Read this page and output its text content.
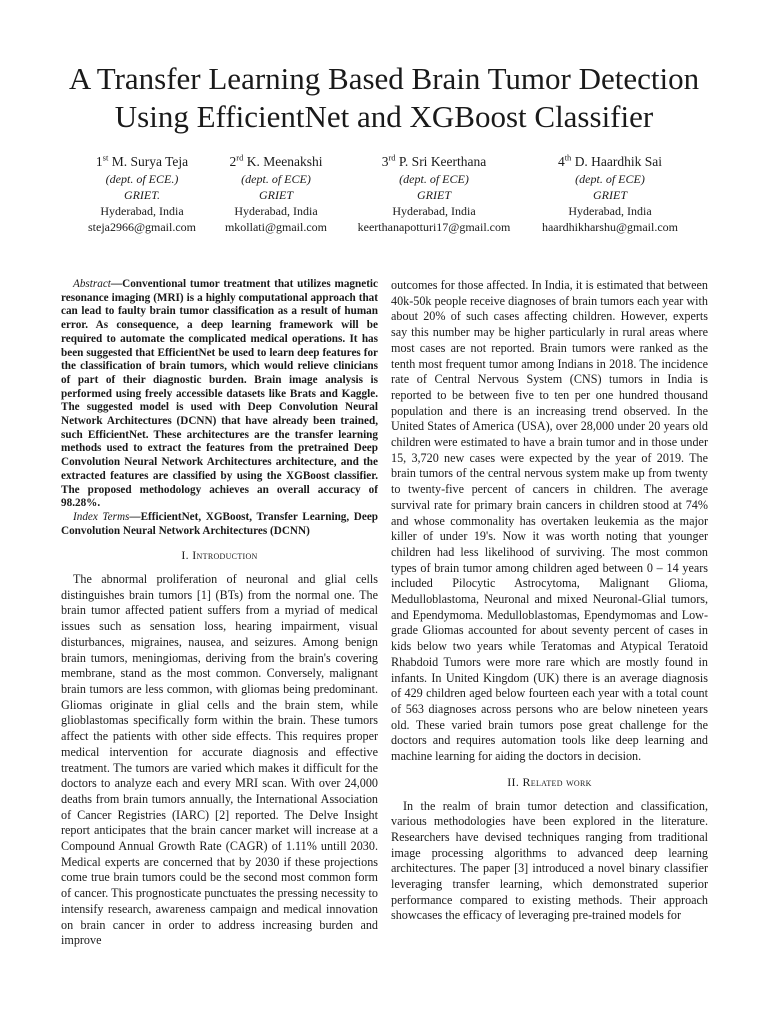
A Transfer Learning Based Brain Tumor Detection Using EfficientNet and XGBoost Classifier
1st M. Surya Teja
(dept. of ECE.)
GRIET.
Hyderabad, India
steja2966@gmail.com
2rd K. Meenakshi
(dept. of ECE)
GRIET
Hyderabad, India
mkollati@gmail.com
3rd P. Sri Keerthana
(dept. of ECE)
GRIET
Hyderabad, India
keerthanapotturi17@gmail.com
4th D. Haardhik Sai
(dept. of ECE)
GRIET
Hyderabad, India
haardhikharshu@gmail.com

Abstract—Conventional tumor treatment that utilizes magnetic resonance imaging (MRI) is a highly computational approach that can lead to faulty brain tumor classification as a result of human error. As consequence, a deep learning framework will be required to automate the complicated medical operations. It has been suggested that EfficientNet be used to learn deep features for the classification of brain tumors, which would relieve clinicians of part of their diagnostic burden. Brain image analysis is performed using freely accessible datasets like Brats and Kaggle. The suggested model is used with Deep Convolution Neural Network Architectures (DCNN) that have already been trained, such EfficientNet. These architectures are the transfer learning methods used to extract the features from the pretrained Deep Convolution Neural Network Architectures architecture, and the extracted features are classified by using the XGBoost classifier. The proposed methodology achieves an overall accuracy of 98.28%.

Index Terms—EfficientNet, XGBoost, Transfer Learning, Deep Convolution Neural Network Architectures (DCNN)

I. Introduction

The abnormal proliferation of neuronal and glial cells distinguishes brain tumors [1] (BTs) from the normal one. The brain tumor affected patient suffers from a myriad of medical issues such as sensation loss, hearing impairment, visual disturbances, migraines, nausea, and seizures. Among benign brain tumors, meningiomas, deriving from the brain's covering membrane, stand as the most common. Conversely, malignant brain tumors are less common, with gliomas being predominant. Gliomas originate in glial cells and the brain stem, while glioblastomas specifically form within the brain. These tumors affect the patients with other side effects. This requires proper medical intervention for accurate diagnosis and effective treatment. The tumors are varied which makes it difficult for the doctors to analyze each and every MRI scan. With over 24,000 deaths from brain tumors annually, the International Association of Cancer Registries (IARC) [2] reported. The Delve Insight report anticipates that the brain cancer market will increase at a Compound Annual Growth Rate (CAGR) of 1.11% untill 2030. Medical experts are concerned that by 2030 if these projections come true brain tumors could be the second most common form of cancer. This prognosticate punctuates the pressing necessity to intensify research, awareness campaign and medical innovation on brain cancer in order to address increasing burden and improve

outcomes for those affected. In India, it is estimated that between 40k-50k people receive diagnoses of brain tumors each year with about 20% of such cases affecting children. However, experts say this number may be higher particularly in rural areas where most cases are not reported. Brain tumors were ranked as the tenth most frequent tumor among Indians in 2018. The incidence rate of Central Nervous System (CNS) tumors in India is reported to be between five to ten per one hundred thousand population and there is an increasing trend observed. In the United States of America (USA), over 28,000 under 20 years old children were estimated to have a brain tumor and in those under 15, 3,720 new cases were expected by the year of 2019. The brain tumors of the central nervous system make up from twenty to twenty-five percent of cancers in children. The average survival rate for primary brain cancers in children stood at 74% and whose commonality has overtaken leukemia as the major killer of under 19's. Now it was worth noting that younger children had less likelihood of surviving. The most common types of brain tumor among children aged between 0 – 14 years included Pilocytic Astrocytoma, Malignant Glioma, Medulloblastoma, Neuronal and mixed Neuronal-Glial tumors, and Ependymoma. Medulloblastomas, Ependymomas and Low-grade Gliomas accounted for about seventy percent of cases in kids below two years while Teratomas and Atypical Teratoid Rhabdoid Tumors were more rare which are mostly found in infants. In United Kingdom (UK) there is an average diagnosis of 429 children aged below fourteen each year with a total count of 563 diagnoses across persons who are below nineteen years old. These varied brain tumors pose great challenge for the doctors and requires automation tools like deep learning and machine learning for aiding the doctors in decision.

II. Related work

In the realm of brain tumor detection and classification, various methodologies have been explored in the literature. Researchers have devised techniques ranging from traditional image processing algorithms to advanced deep learning architectures. The paper [3] introduced a novel binary classifier leveraging transfer learning, which demonstrated superior performance compared to existing methods. Their approach showcases the efficacy of leveraging pre-trained models for
